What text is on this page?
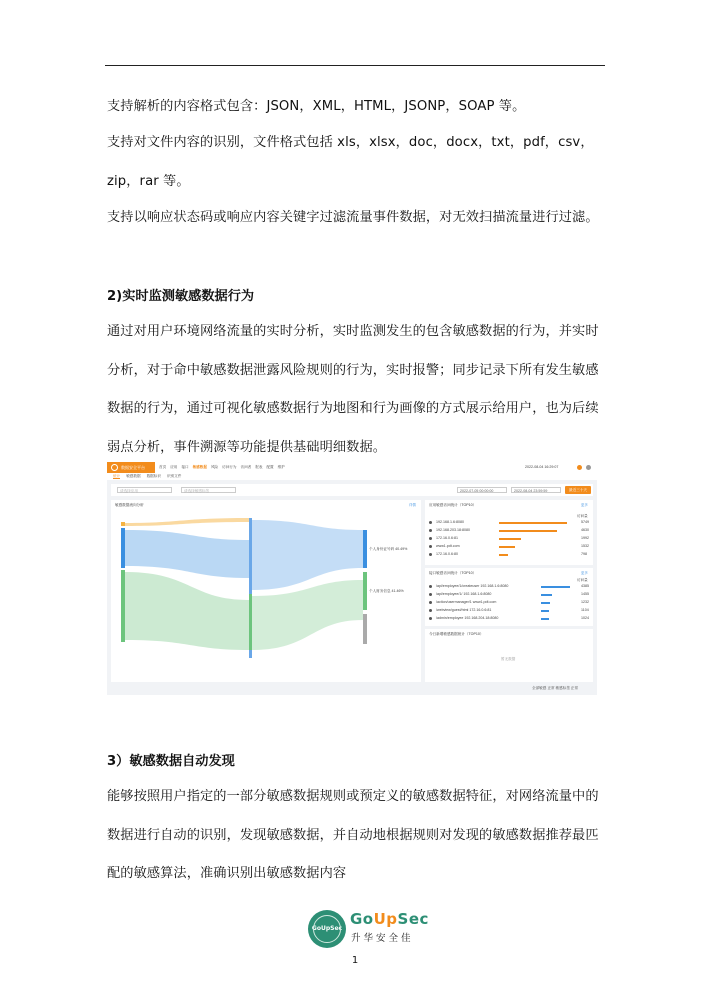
支持解析的内容格式包含：JSON，XML，HTML，JSONP，SOAP 等。

支持对文件内容的识别，文件格式包括 xls，xlsx，doc，docx，txt，pdf，csv，zip，rar 等。

支持以响应状态码或响应内容关键字过滤流量事件数据，对无效扫描流量进行过滤。

2)实时监测敏感数据行为

通过对用户环境网络流量的实时分析，实时监测发生的包含敏感数据的行为，并实时分析，对于命中敏感数据泄露风险规则的行为，实时报警；同步记录下所有发生敏感数据的行为，通过可视化敏感数据行为地图和行为画像的方式展示给用户，也为后续弱点分析，事件溯源等功能提供基础明细数据。

数据安全平台	首页 应用 接口 敏感数据 风险 访问行为 访问者 报表 配置 维护	2022-08-04 16:29:07
统计 敏感数据 数据标识 识别文件
请选择应用	请选择敏感标签	2022-07-05 00:00:00	2022-08-04 23:59:59	最近三十天
敏感数据流向分析	详情
个人身份证号码 40.49%
个人财务信息 41.46%
应用敏感访问统计（TOP10）	更多
访问量
192.168.1.6:8080	5749
192.168.203.18:8080	4630
172.16.0.6:81	1992
www1.pdt.com	1532
172.16.0.6:80	798
接口敏感访问统计（TOP10）	更多
访问量
/api/employee/1/createuser 192.168.1.6:8080	4385
/api/employee/1/ 192.168.1.6:8080	1455
/action/usermanager/1 www1.pdt.com	1232
/webview/guest/html 172.16.0.6:81	1104
/admin/employee 192.168.204.18:8080	1024
今日新增敏感数据统计（TOP10）
暂无数据
全部敏感 正常 敏感标签 正常

3）敏感数据自动发现

能够按照用户指定的一部分敏感数据规则或预定义的敏感数据特征，对网络流量中的数据进行自动的识别，发现敏感数据，并自动地根据规则对发现的敏感数据推荐最匹配的敏感算法，准确识别出敏感数据内容

GoUpSec
GoUpSec
升华安全佳
1
